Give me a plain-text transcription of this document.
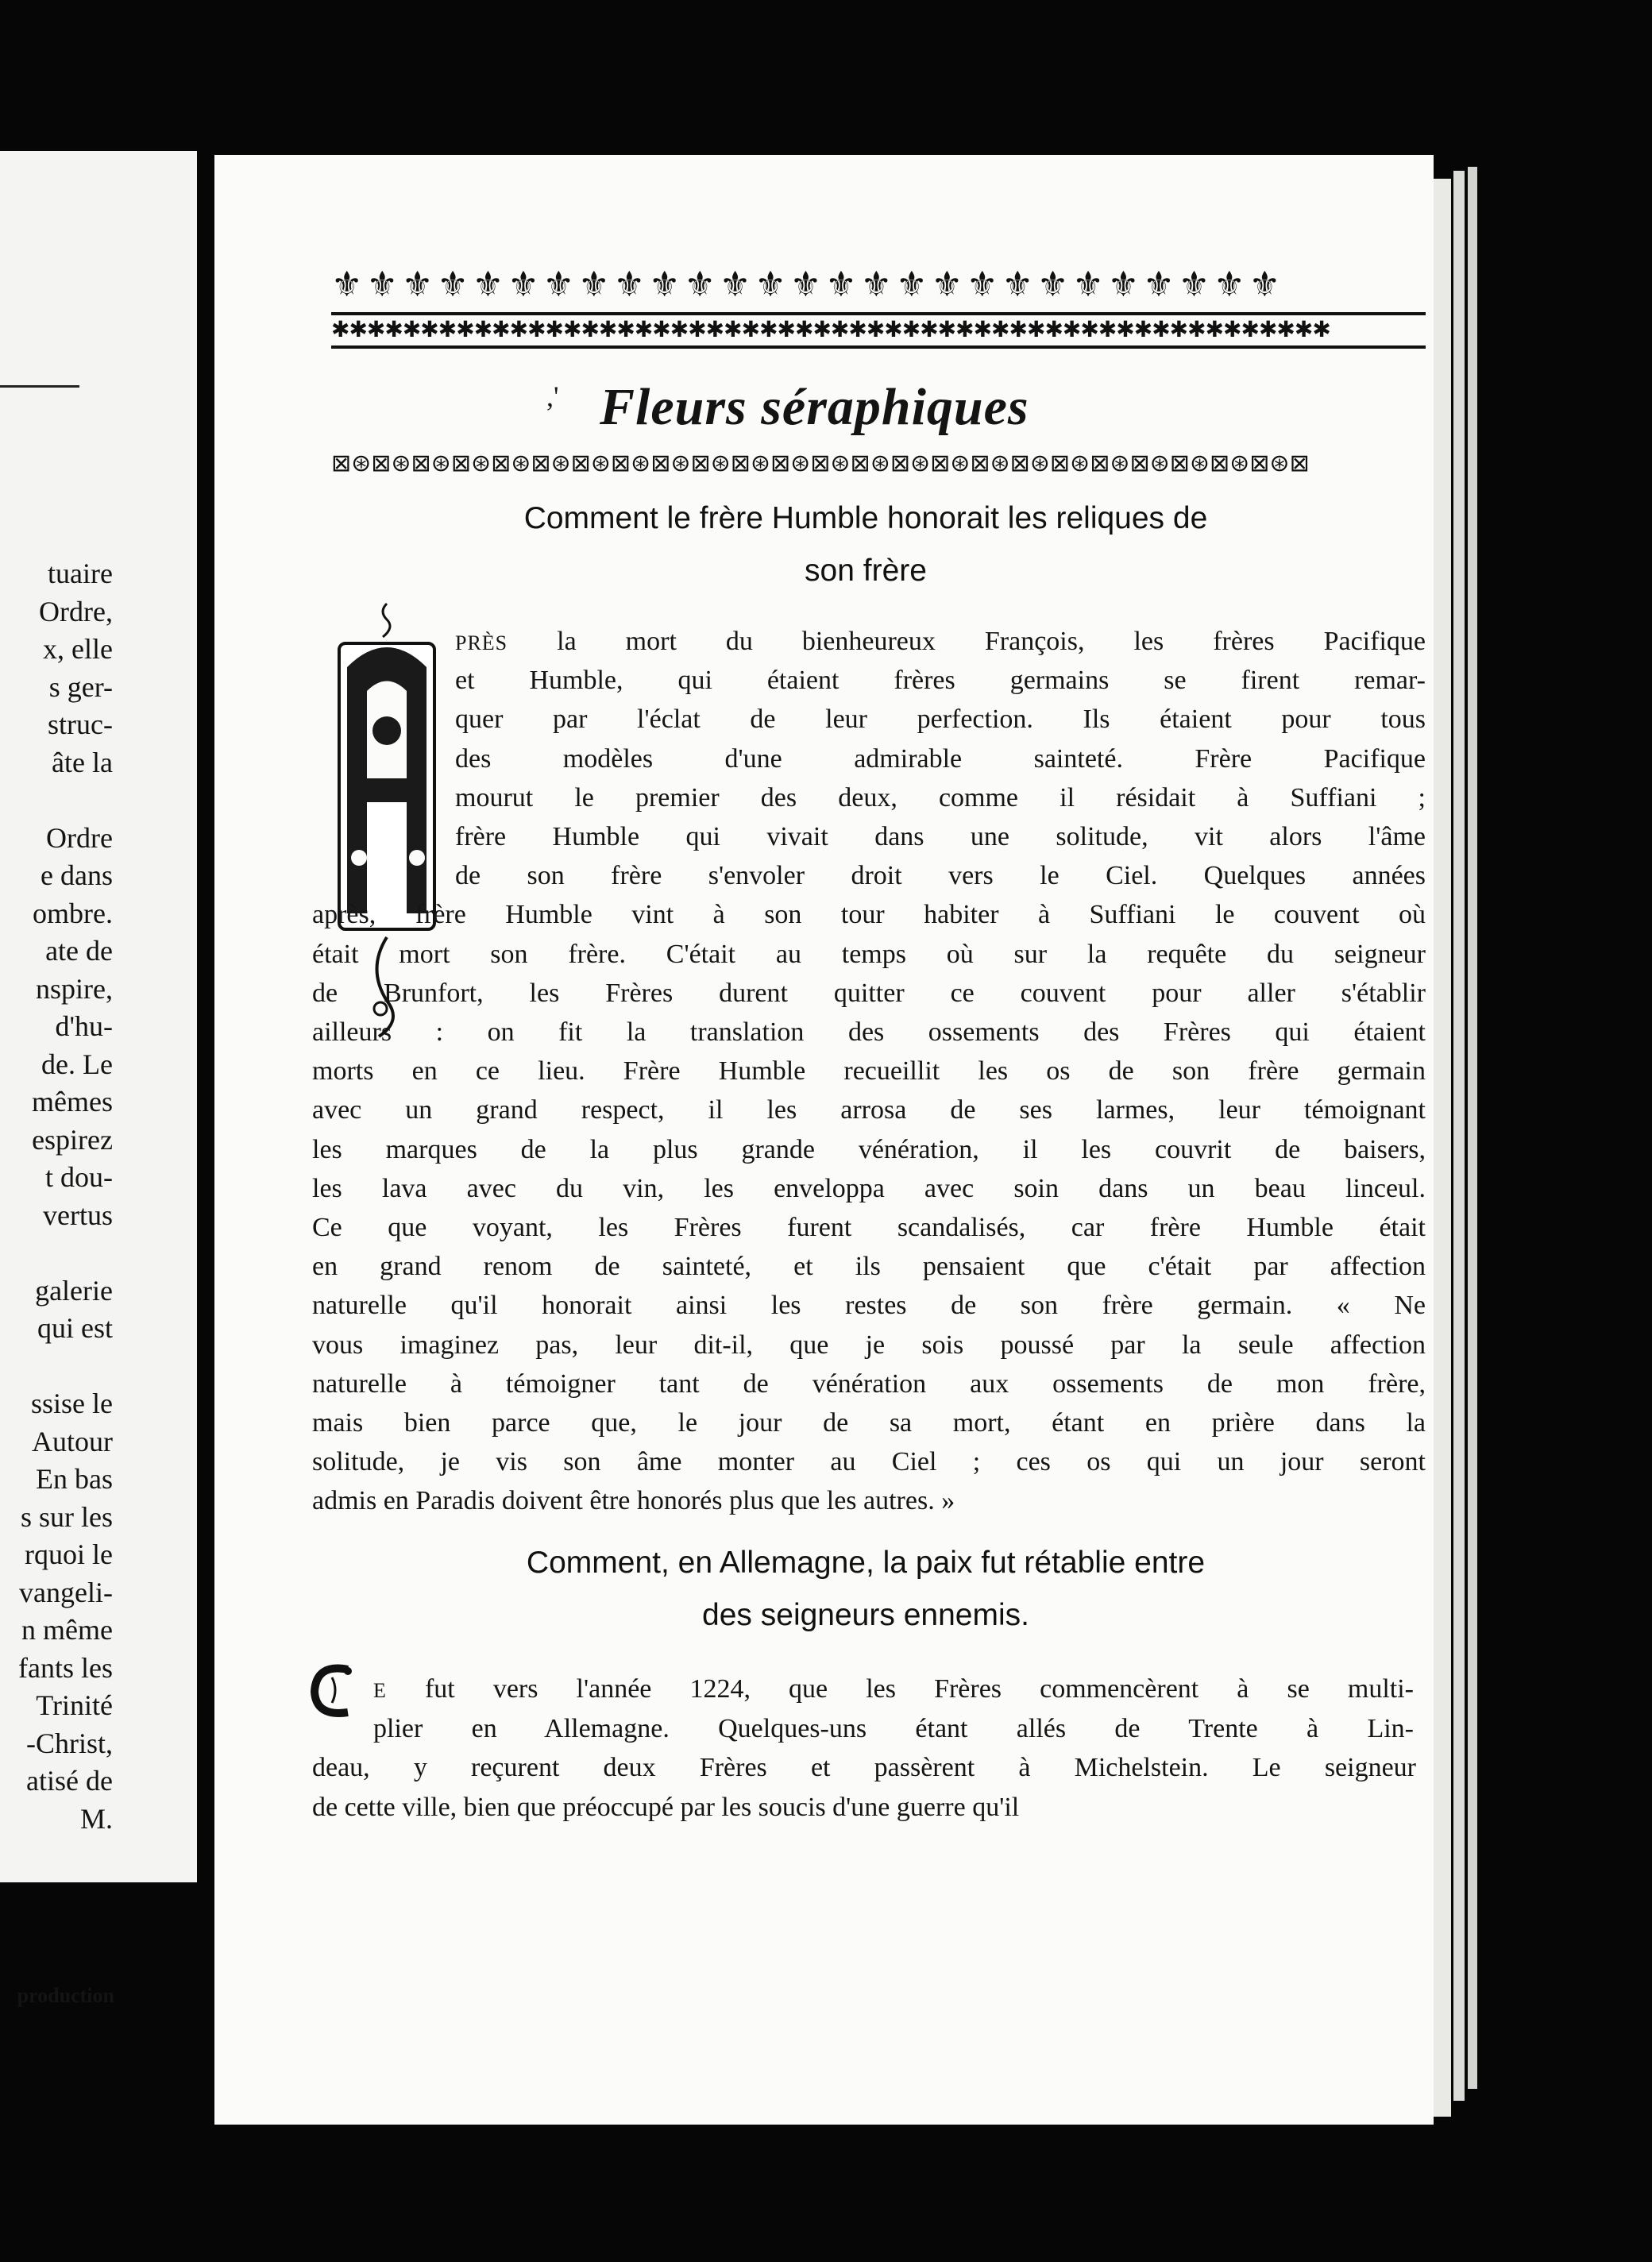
tuaire
Ordre,
x, elle
s ger-
struc-
âte la
Ordre
e dans
ombre.
ate de
nspire,
d'hu-
de. Le
mêmes
espirez
t dou-
vertus
galerie
qui est
ssise le
Autour
En bas
s sur les
rquoi le
vangeli-
n même
fants les
Trinité
-Christ,
atisé de
M.
production
⚜⚜⚜⚜⚜⚜⚜⚜⚜⚜⚜⚜⚜⚜⚜⚜⚜⚜⚜⚜⚜⚜⚜⚜⚜⚜⚜
✱✱✱✱✱✱✱✱✱✱✱✱✱✱✱✱✱✱✱✱✱✱✱✱✱✱✱✱✱✱✱✱✱✱✱✱✱✱✱✱✱✱✱✱✱✱✱✱✱✱✱✱✱✱✱✱
,' Fleurs séraphiques
⊠⊛⊠⊛⊠⊛⊠⊛⊠⊛⊠⊛⊠⊛⊠⊛⊠⊛⊠⊛⊠⊛⊠⊛⊠⊛⊠⊛⊠⊛⊠⊛⊠⊛⊠⊛⊠⊛⊠⊛⊠⊛⊠⊛⊠⊛⊠⊛⊠
Comment le frère Humble honorait les reliques de
son frère
PRÈS la mort du bienheureux François, les frères Pacifique
et Humble, qui étaient frères germains se firent remar-
quer par l'éclat de leur perfection. Ils étaient pour tous
des modèles d'une admirable sainteté. Frère Pacifique
mourut le premier des deux, comme il résidait à Suffiani ;
frère Humble qui vivait dans une solitude, vit alors l'âme
de son frère s'envoler droit vers le Ciel. Quelques années
après, frère Humble vint à son tour habiter à Suffiani le couvent où
était mort son frère. C'était au temps où sur la requête du seigneur
de Brunfort, les Frères durent quitter ce couvent pour aller s'établir
ailleurs : on fit la translation des ossements des Frères qui étaient
morts en ce lieu. Frère Humble recueillit les os de son frère germain
avec un grand respect, il les arrosa de ses larmes, leur témoignant
les marques de la plus grande vénération, il les couvrit de baisers,
les lava avec du vin, les enveloppa avec soin dans un beau linceul.
Ce que voyant, les Frères furent scandalisés, car frère Humble était
en grand renom de sainteté, et ils pensaient que c'était par affection
naturelle qu'il honorait ainsi les restes de son frère germain. « Ne
vous imaginez pas, leur dit-il, que je sois poussé par la seule affection
naturelle à témoigner tant de vénération aux ossements de mon frère,
mais bien parce que, le jour de sa mort, étant en prière dans la
solitude, je vis son âme monter au Ciel ; ces os qui un jour seront
admis en Paradis doivent être honorés plus que les autres. »
Comment, en Allemagne, la paix fut rétablie entre
des seigneurs ennemis.
E fut vers l'année 1224, que les Frères commencèrent à se multi-
plier en Allemagne. Quelques-uns étant allés de Trente à Lin-
deau, y reçurent deux Frères et passèrent à Michelstein. Le seigneur
de cette ville, bien que préoccupé par les soucis d'une guerre qu'il
